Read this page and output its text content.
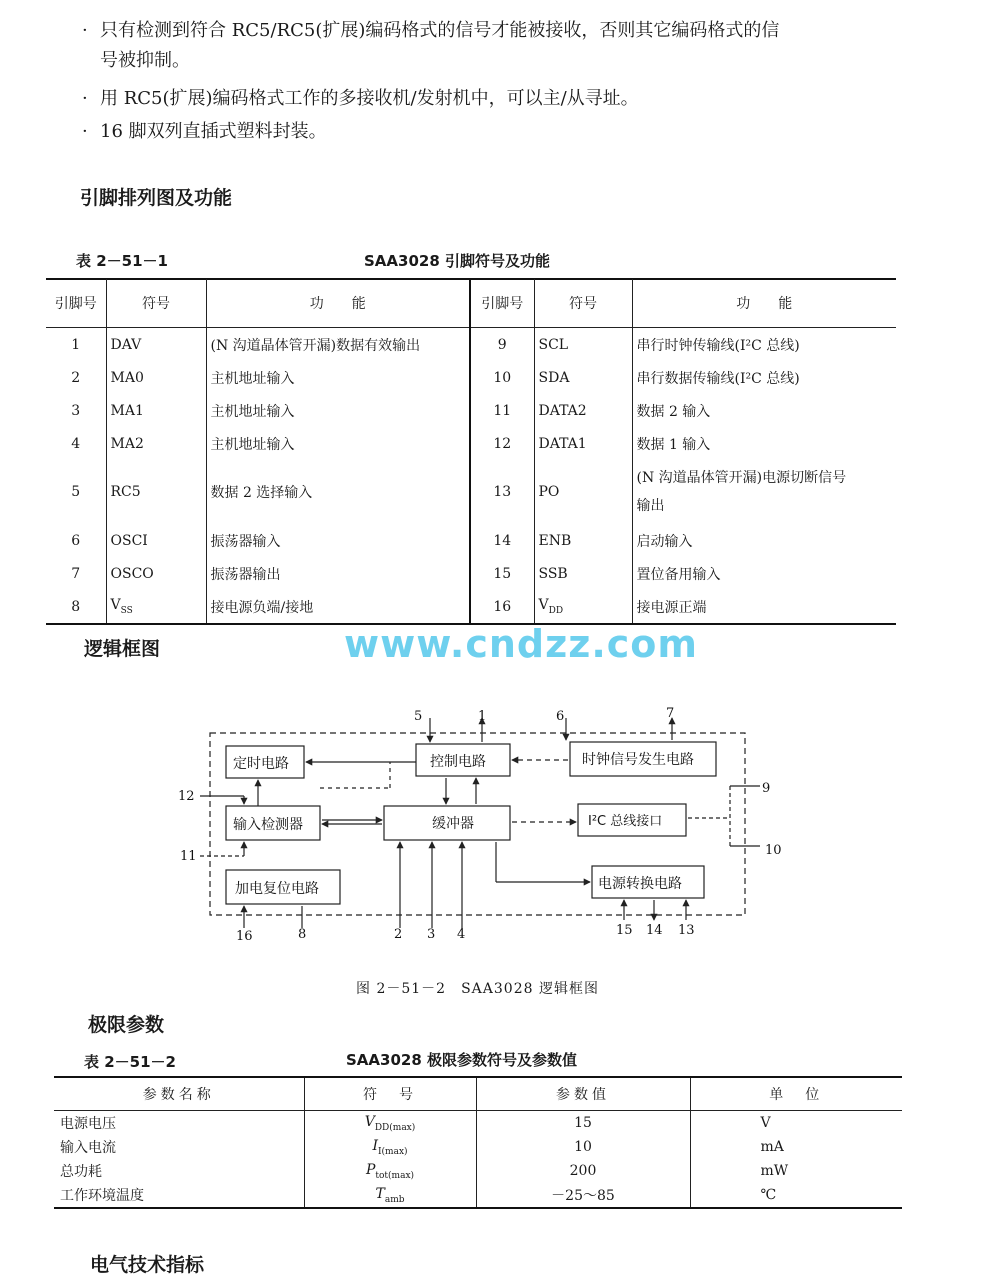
· 只有检测到符合 RC5/RC5(扩展)编码格式的信号才能被接收，否则其它编码格式的信
号被抑制。
· 用 RC5(扩展)编码格式工作的多接收机/发射机中，可以主/从寻址。
· 16 脚双列直插式塑料封装。
引脚排列图及功能
表 2－51－1	SAA3028 引脚符号及功能
引脚号	符号	功　　能	引脚号	符号	功　　能
1	DAV	(N 沟道晶体管开漏)数据有效输出	9	SCL	串行时钟传输线(I²C 总线)
2	MA0	主机地址输入	10	SDA	串行数据传输线(I²C 总线)
3	MA1	主机地址输入	11	DATA2	数据 2 输入
4	MA2	主机地址输入	12	DATA1	数据 1 输入
5	RC5	数据 2 选择输入	13	PO	(N 沟道晶体管开漏)电源切断信号
输出
6	OSCI	振荡器输入	14	ENB	启动输入
7	OSCO	振荡器输出	15	SSB	置位备用输入
8	$V_{SS}$	接电源负端/接地	16	$V_{DD}$	接电源正端
逻辑框图	www.cndzz.com
定时电路	控制电路	时钟信号发生电路
输入检测器	缓冲器	I²C 总线接口
加电复位电路	电源转换电路
5	1	6	7
12
11
9
10
16	8	2 3 4	15 14 13
图 2－51－2　SAA3028 逻辑框图
极限参数
表 2－51－2	SAA3028 极限参数符号及参数值
参数名称	符　号	参数值	单　位
电源电压	$V_{DD(max)}$	15	V
输入电流	$I_{I(max)}$	10	mA
总功耗	$P_{tot(max)}$	200	mW
工作环境温度	$T_{amb}$	－25～85	℃
电气技术指标
